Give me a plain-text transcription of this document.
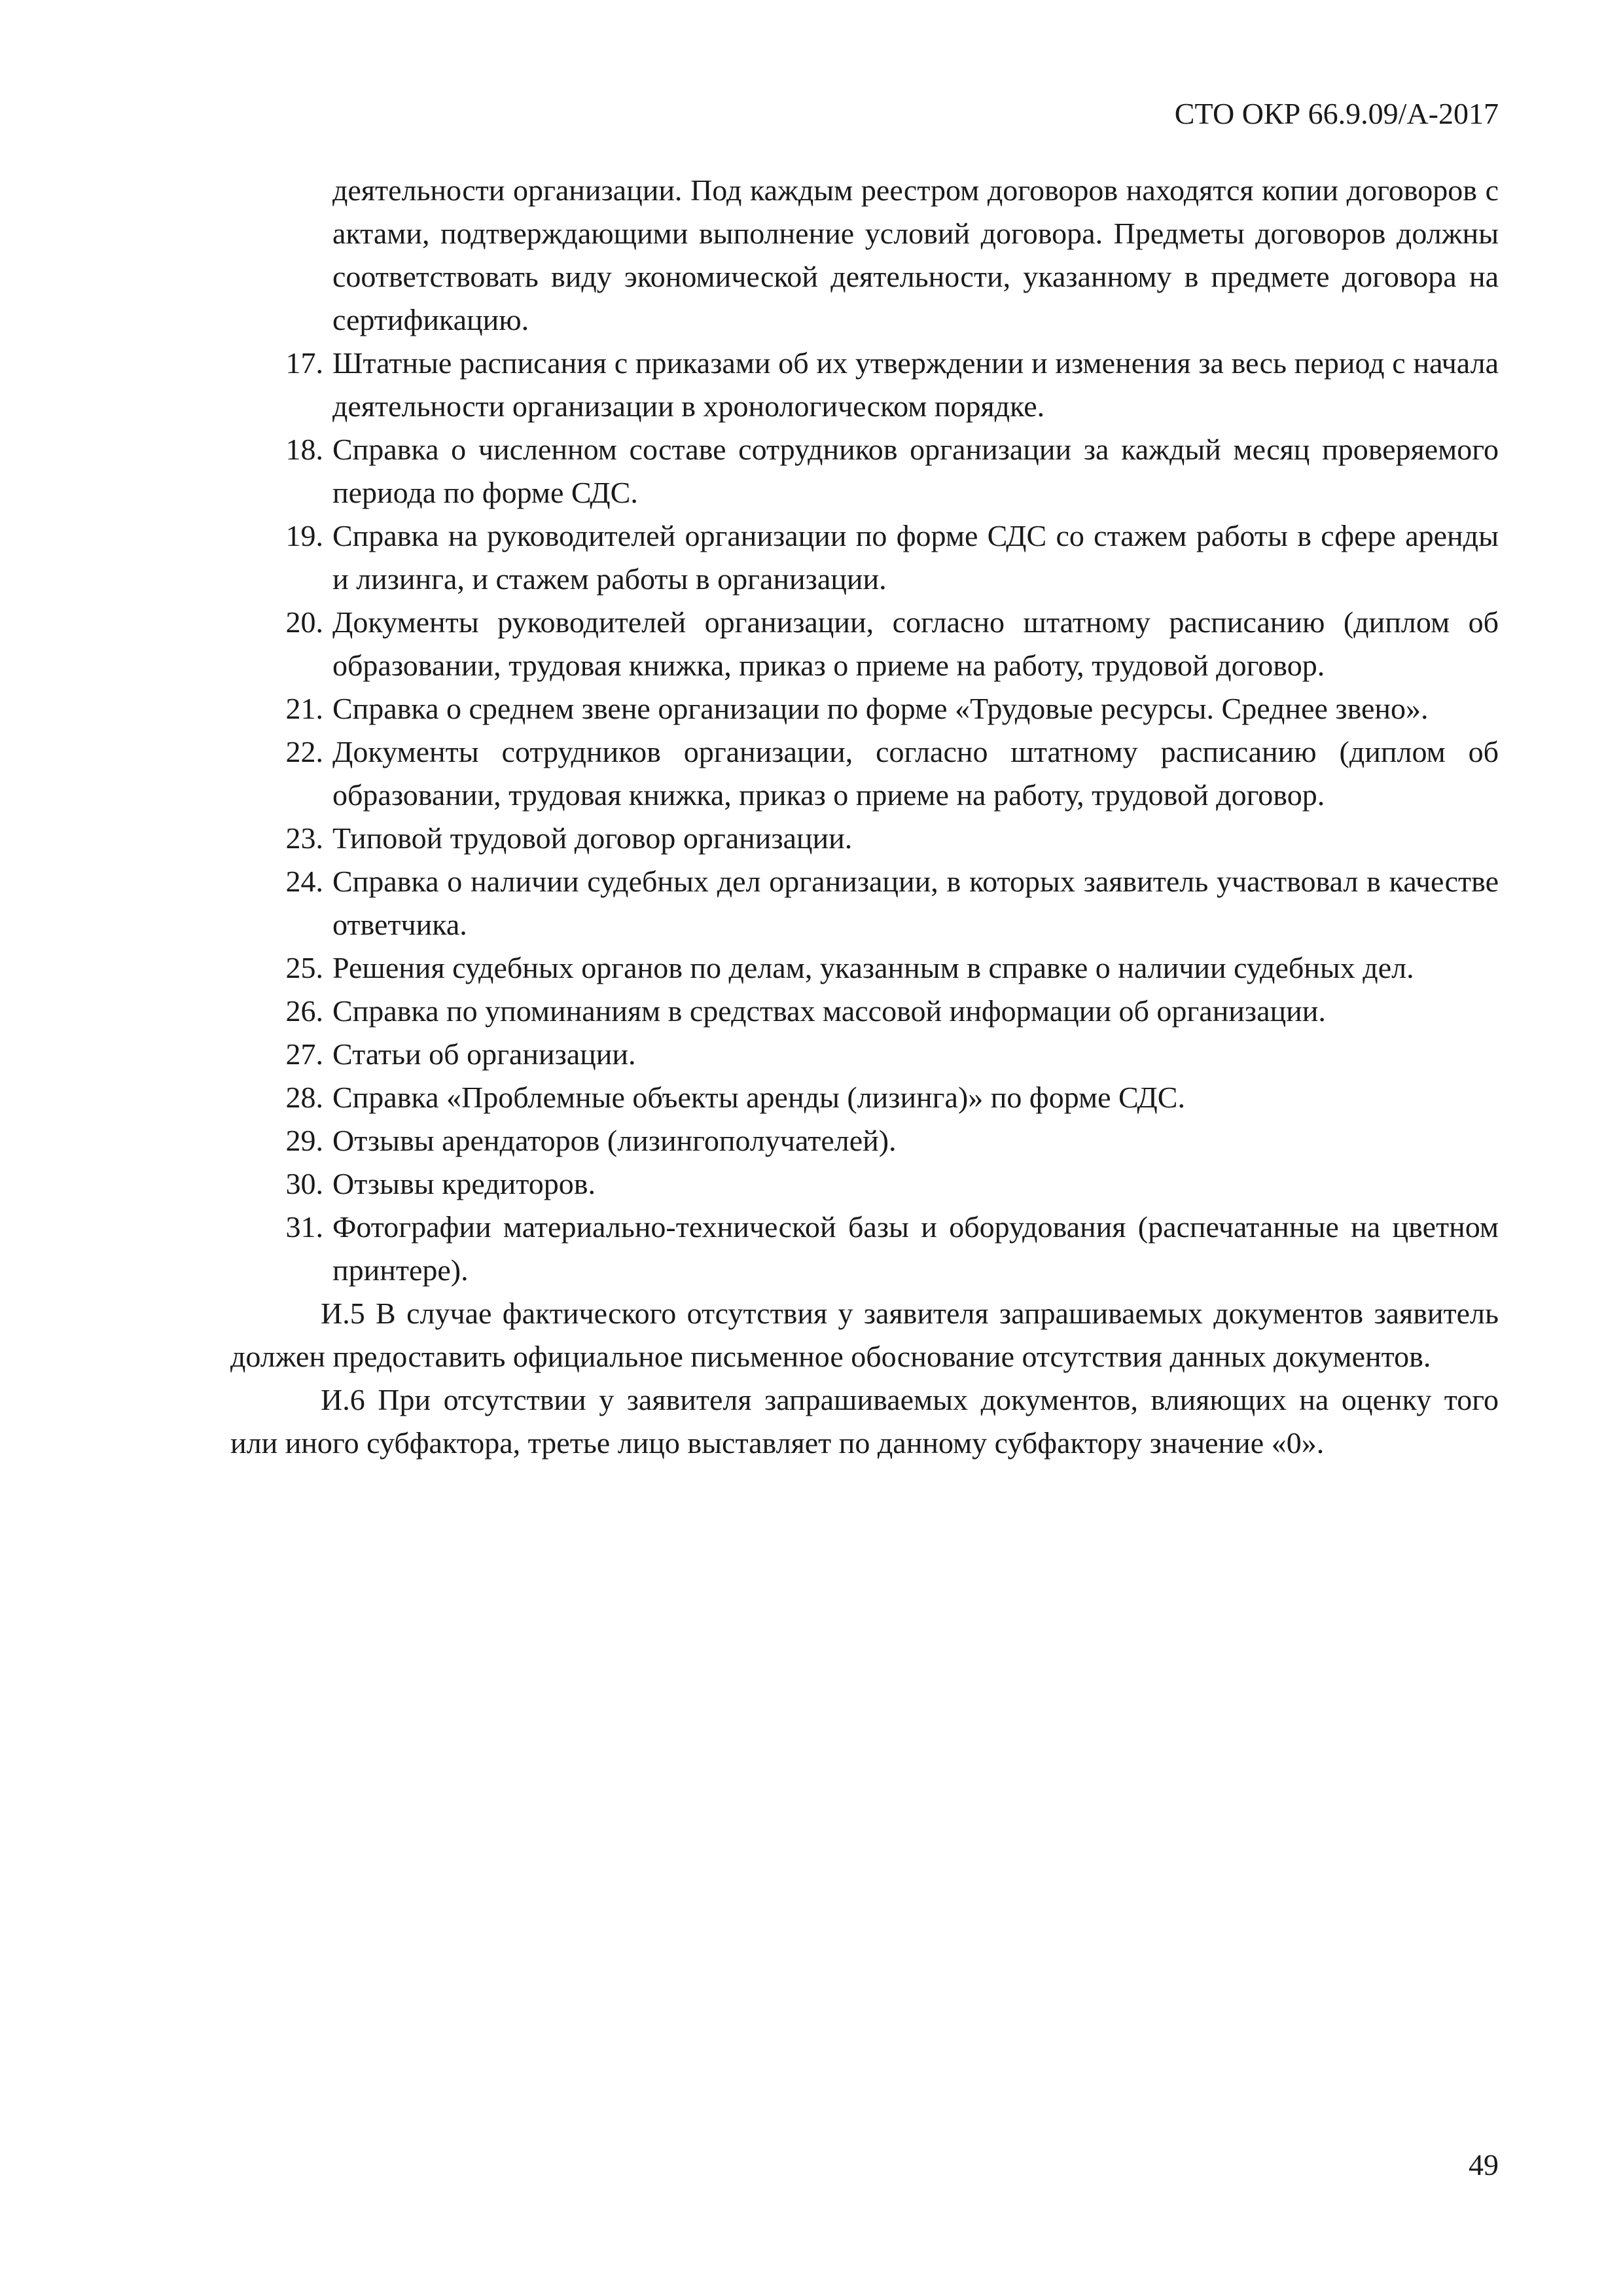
СТО ОКР 66.9.09/А-2017

деятельности организации. Под каждым реестром договоров находятся копии договоров с актами, подтверждающими выполнение условий договора. Предметы договоров должны соответствовать виду экономической деятельности, указанному в предмете договора на сертификацию.

17. Штатные расписания с приказами об их утверждении и изменения за весь период с начала деятельности организации в хронологическом порядке.
18. Справка о численном составе сотрудников организации за каждый месяц проверяемого периода по форме СДС.
19. Справка на руководителей организации по форме СДС со стажем работы в сфере аренды и лизинга, и стажем работы в организации.
20. Документы руководителей организации, согласно штатному расписанию (диплом об образовании, трудовая книжка, приказ о приеме на работу, трудовой договор.
21. Справка о среднем звене организации по форме «Трудовые ресурсы. Среднее звено».
22. Документы сотрудников организации, согласно штатному расписанию (диплом об образовании, трудовая книжка, приказ о приеме на работу, трудовой договор.
23. Типовой трудовой договор организации.
24. Справка о наличии судебных дел организации, в которых заявитель участвовал в качестве ответчика.
25. Решения судебных органов по делам, указанным в справке о наличии судебных дел.
26. Справка по упоминаниям в средствах массовой информации об организации.
27. Статьи об организации.
28. Справка «Проблемные объекты аренды (лизинга)» по форме СДС.
29. Отзывы арендаторов (лизингополучателей).
30. Отзывы кредиторов.
31. Фотографии материально-технической базы и оборудования (распечатанные на цветном принтере).

И.5 В случае фактического отсутствия у заявителя запрашиваемых документов заявитель должен предоставить официальное письменное обоснование отсутствия данных документов.

И.6 При отсутствии у заявителя запрашиваемых документов, влияющих на оценку того или иного субфактора, третье лицо выставляет по данному субфактору значение «0».

49
